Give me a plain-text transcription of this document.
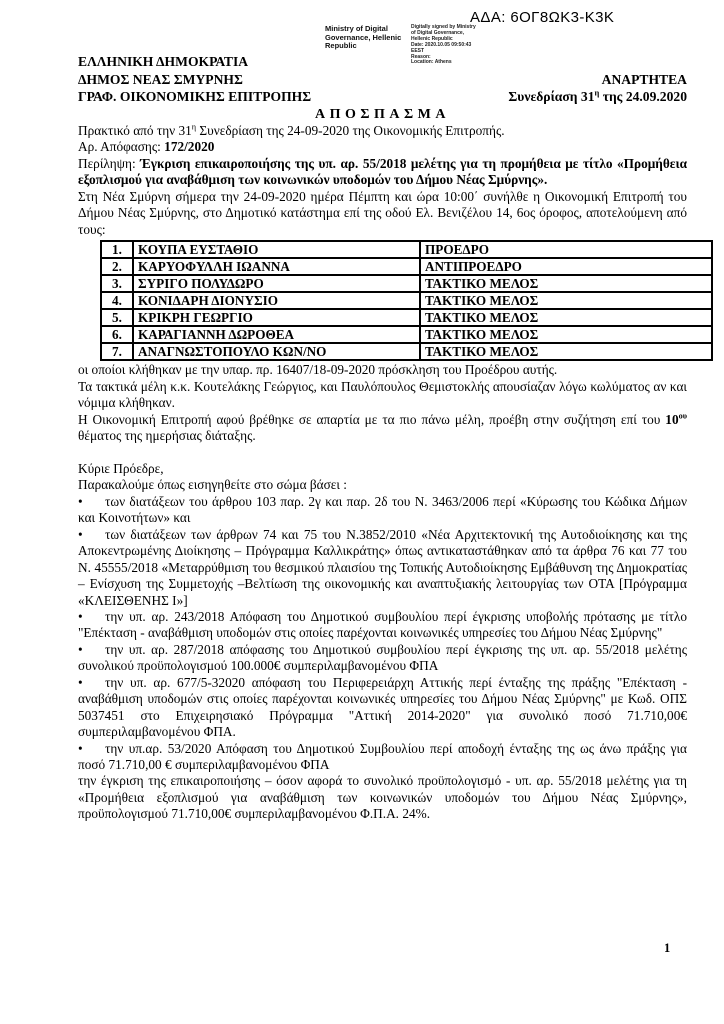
ΑΔΑ: 6ΟΓ8ΩΚ3-Κ3Κ
Ministry of Digital Governance, Hellenic Republic
Digitally signed by Ministry
of Digital Governance,
Hellenic Republic
Date: 2020.10.05 09:50:43
EEST
Reason:
Location: Athens
ΕΛΛΗΝΙΚΗ ΔΗΜΟΚΡΑΤΙΑ
ΔΗΜΟΣ ΝΕΑΣ ΣΜΥΡΝΗΣ
ΓΡΑΦ. ΟΙΚΟΝΟΜΙΚΗΣ ΕΠΙΤΡΟΠΗΣ
ΑΝΑΡΤΗΤΕΑ
Συνεδρίαση $31^\eta$ της 24.09.2020

ΑΠΟΣΠΑΣΜΑ

Πρακτικό από την $31^\eta$ Συνεδρίαση της 24-09-2020 της Οικονομικής Επιτροπής.

Αρ. Απόφασης: 172/2020

Περίληψη: Έγκριση επικαιροποιήσης της υπ. αρ. 55/2018 μελέτης για τη προμήθεια με τίτλο «Προμήθεια εξοπλισμού για αναβάθμιση των κοινωνικών υποδομών του Δήμου Νέας Σμύρνης».

Στη Νέα Σμύρνη σήμερα την 24-09-2020 ημέρα Πέμπτη και ώρα 10:00΄ συνήλθε η Οικονομική Επιτροπή του Δήμου Νέας Σμύρνης, στο Δημοτικό κατάστημα επί της οδού Ελ. Βενιζέλου 14, 6ος όροφος, αποτελούμενη από τους:

1.	ΚΟΥΠΑ ΕΥΣΤΑΘΙΟ	ΠΡΟΕΔΡΟ
2.	ΚΑΡΥΟΦΥΛΛΗ ΙΩΑΝΝΑ	ΑΝΤΙΠΡΟΕΔΡΟ
3.	ΣΥΡΙΓΟ ΠΟΛΥΔΩΡΟ	ΤΑΚΤΙΚΟ ΜΕΛΟΣ
4.	ΚΟΝΙΔΑΡΗ ΔΙΟΝΥΣΙΟ	ΤΑΚΤΙΚΟ ΜΕΛΟΣ
5.	ΚΡΙΚΡΗ ΓΕΩΡΓΙΟ	ΤΑΚΤΙΚΟ ΜΕΛΟΣ
6.	ΚΑΡΑΓΙΑΝΝΗ ΔΩΡΟΘΕΑ	ΤΑΚΤΙΚΟ ΜΕΛΟΣ
7.	ΑΝΑΓΝΩΣΤΟΠΟΥΛΟ ΚΩΝ/ΝΟ	ΤΑΚΤΙΚΟ ΜΕΛΟΣ

οι οποίοι κλήθηκαν με την υπαρ. πρ. 16407/18-09-2020 πρόσκληση του Προέδρου αυτής.

Τα τακτικά μέλη κ.κ. Κουτελάκης Γεώργιος, και Παυλόπουλος Θεμιστοκλής απουσίαζαν λόγω κωλύματος αν και νόμιμα κλήθηκαν.

Η Οικονομική Επιτροπή αφού βρέθηκε σε απαρτία με τα πιο πάνω μέλη, προέβη στην συζήτηση επί του $10^{o\upsilon}$ θέματος της ημερήσιας διάταξης.

Κύριε Πρόεδρε,

Παρακαλούμε όπως εισηγηθείτε στο σώμα βάσει :

• των διατάξεων του άρθρου 103 παρ. 2γ και παρ. 2δ του Ν. 3463/2006 περί «Κύρωσης του Κώδικα Δήμων και Κοινοτήτων» και

• των διατάξεων των άρθρων 74 και 75 του Ν.3852/2010 «Νέα Αρχιτεκτονική της Αυτοδιοίκησης και της Αποκεντρωμένης Διοίκησης – Πρόγραμμα Καλλικράτης» όπως αντικαταστάθηκαν από τα άρθρα 76 και 77 του Ν. 45555/2018 «Μεταρρύθμιση του θεσμικού πλαισίου της Τοπικής Αυτοδιοίκησης Εμβάθυνση της Δημοκρατίας – Ενίσχυση της Συμμετοχής –Βελτίωση της οικονομικής και αναπτυξιακής λειτουργίας των ΟΤΑ [Πρόγραμμα «ΚΛΕΙΣΘΕΝΗΣ Ι»]

• την υπ. αρ. 243/2018 Απόφαση του Δημοτικού συμβουλίου περί έγκρισης υποβολής πρότασης με τίτλο "Επέκταση - αναβάθμιση υποδομών στις οποίες παρέχονται κοινωνικές υπηρεσίες του Δήμου Νέας Σμύρνης"

• την υπ. αρ. 287/2018 απόφασης του Δημοτικού συμβουλίου περί έγκρισης της υπ. αρ. 55/2018 μελέτης συνολικού προϋπολογισμού 100.000€ συμπεριλαμβανομένου ΦΠΑ

• την υπ. αρ. 677/5-32020 απόφαση του Περιφερειάρχη Αττικής περί ένταξης της πράξης "Επέκταση - αναβάθμιση υποδομών στις οποίες παρέχονται κοινωνικές υπηρεσίες του Δήμου Νέας Σμύρνης" με Κωδ. ΟΠΣ 5037451 στο Επιχειρησιακό Πρόγραμμα "Αττική 2014-2020" για συνολικό ποσό 71.710,00€ συμπεριλαμβανομένου ΦΠΑ.

• την υπ.αρ. 53/2020 Απόφαση του Δημοτικού Συμβουλίου περί αποδοχή ένταξης της ως άνω πράξης για ποσό 71.710,00 € συμπεριλαμβανομένου ΦΠΑ

την έγκριση της επικαιροποιήσης – όσον αφορά το συνολικό προϋπολογισμό - υπ. αρ. 55/2018 μελέτης για τη «Προμήθεια εξοπλισμού για αναβάθμιση των κοινωνικών υποδομών του Δήμου Νέας Σμύρνης», προϋπολογισμού 71.710,00€ συμπεριλαμβανομένου Φ.Π.Α. 24%.

1
